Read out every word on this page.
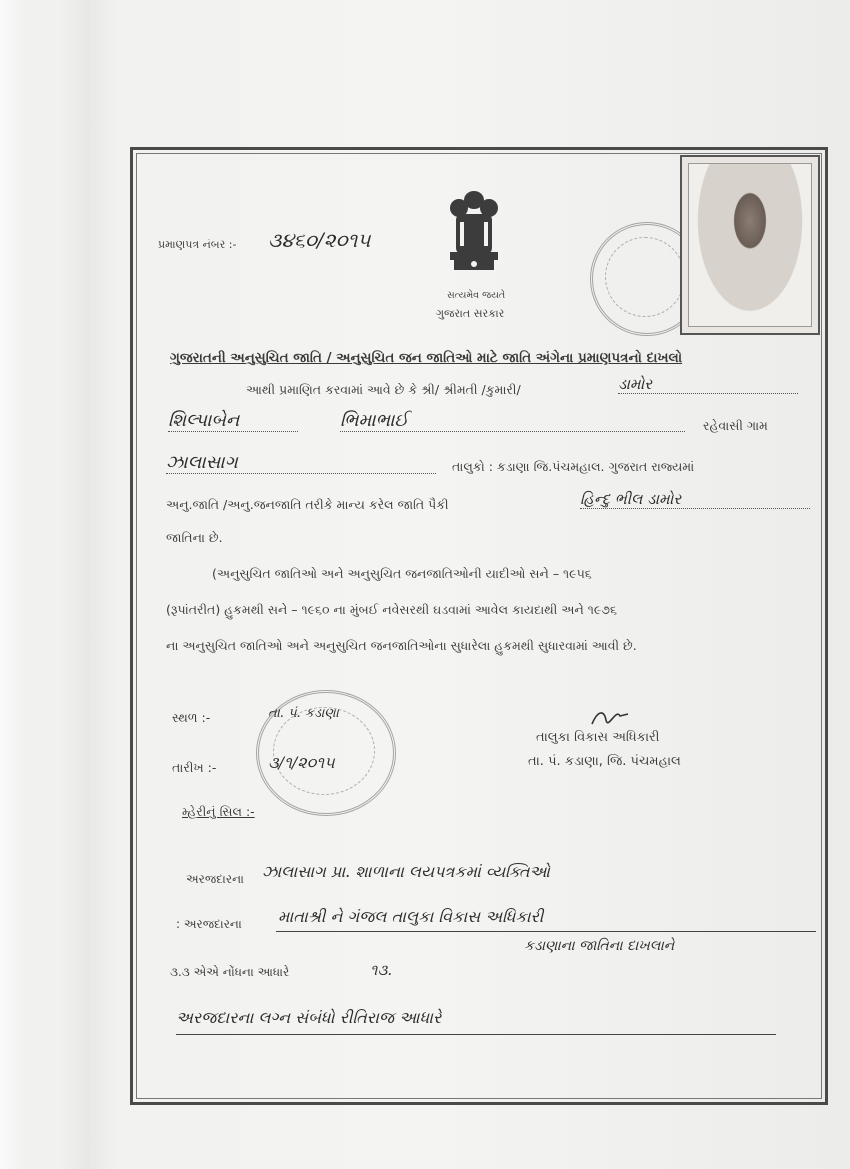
પ્રમાણપત્ર નંબર :- ૩૪૬૦/૨૦૧૫
સત્યમેવ જયતે
ગુજરાત સરકાર
ગુજરાતની અનુસુચિત જાતિ / અનુસુચિત જન જાતિઓ માટે જાતિ અંગેના પ્રમાણપત્રનો દાખલો
આથી પ્રમાણિત કરવામાં આવે છે કે શ્રી/ શ્રીમતી /કુમારી/	ડામોર
શિલ્પાબેન	ભિમાભાઈ	રહેવાસી ગામ
ઝાલાસાગ	તાલુકો : કડાણા જિ.પંચમહાલ. ગુજરાત રાજ્યમાં
અનુ.જાતિ /અનુ.જનજાતિ તરીકે માન્ય કરેલ જાતિ પૈકી	હિન્દુ ભીલ ડામોર
જાતિના છે.
(અનુસુચિત જાતિઓ અને અનુસુચિત જનજાતિઓની યાદીઓ સને – ૧૯૫૬
(રૂપાંતરીત) હુકમથી સને – ૧૯૬૦ ના મુંબઈ નવેસરથી ઘડવામાં આવેલ કાયદાથી અને ૧૯૭૬
ના અનુસુચિત જાતિઓ અને અનુસુચિત જનજાતિઓના સુધારેલા હુકમથી સુધારવામાં આવી છે.
સ્થળ :-	તા. પં. કડાણા
તારીખ :-	૩/૧/૨૦૧૫
મ્હેરીનું સિલ :-
તાલુકા વિકાસ અધિકારી
તા. પં. કડાણા, જિ. પંચમહાલ
અરજદારના ઝાલાસાગ પ્રા. શાળાના લયપત્રકમાં વ્યક્તિઓ
: અરજદારના માતાશ્રી ને ગંજલ તાલુકા વિકાસ અધિકારી
કડાણાના જાતિના દાખલાને
૩.૩ એએ નોંધના આધારે	૧૩.
અરજદારના લગ્ન સંબંધો રીતિરાજ આધારે
